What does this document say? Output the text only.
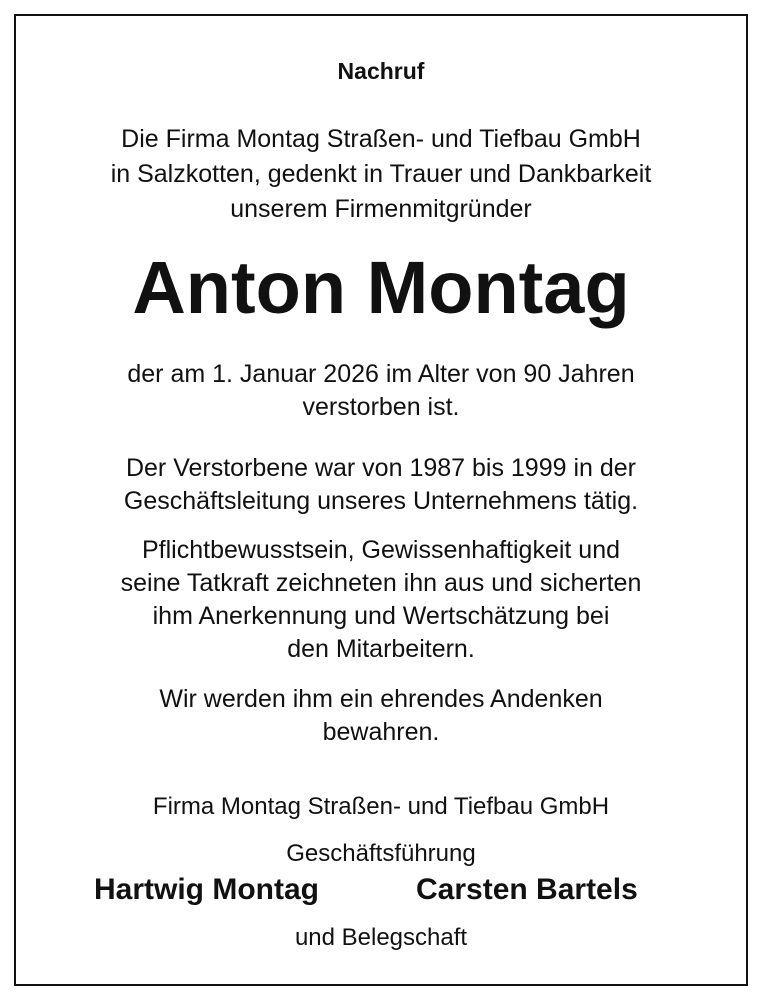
Nachruf

Die Firma Montag Straßen- und Tiefbau GmbH
in Salzkotten, gedenkt in Trauer und Dankbarkeit
unserem Firmenmitgründer

Anton Montag

der am 1. Januar 2026 im Alter von 90 Jahren
verstorben ist.
Der Verstorbene war von 1987 bis 1999 in der
Geschäftsleitung unseres Unternehmens tätig.
Pflichtbewusstsein, Gewissenhaftigkeit und
seine Tatkraft zeichneten ihn aus und sicherten
ihm Anerkennung und Wertschätzung bei
den Mitarbeitern.
Wir werden ihm ein ehrendes Andenken
bewahren.

Firma Montag Straßen- und Tiefbau GmbH

Geschäftsführung

Hartwig Montag	Carsten Bartels

und Belegschaft
